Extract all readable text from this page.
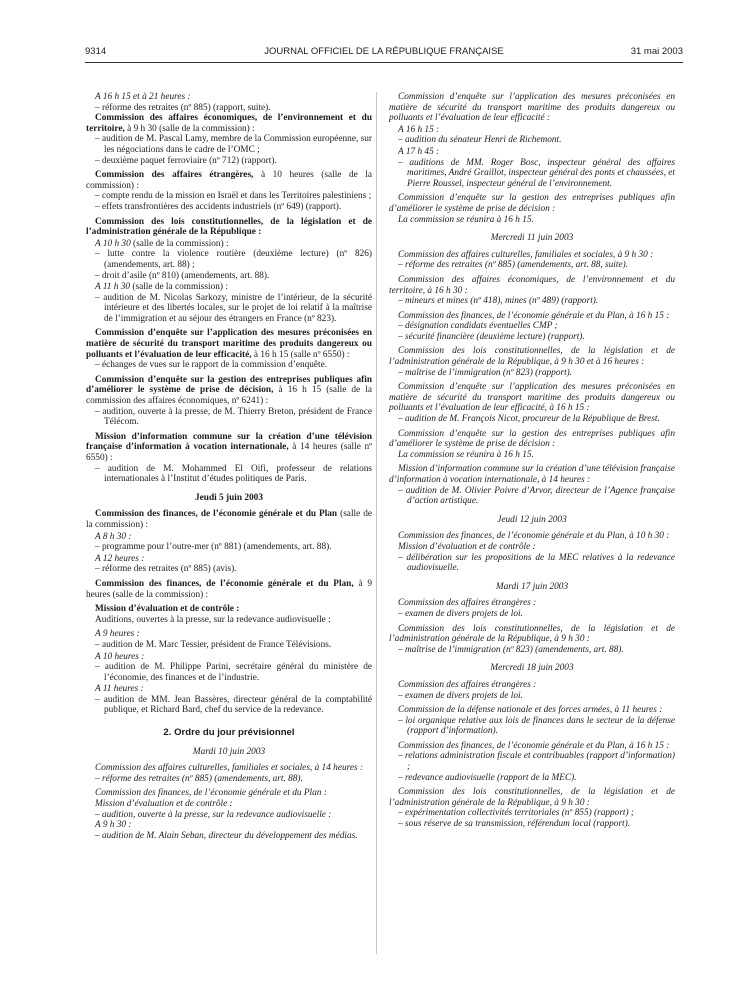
9314	JOURNAL OFFICIEL DE LA RÉPUBLIQUE FRANÇAISE	31 mai 2003
A 16 h 15 et à 21 heures :
– réforme des retraites (nº 885) (rapport, suite).
Commission des affaires économiques, de l’environnement et du territoire, à 9 h 30 (salle de la commission) :
– audition de M. Pascal Lamy, membre de la Commission européenne, sur les négociations dans le cadre de l’OMC ;
– deuxième paquet ferroviaire (nº 712) (rapport).
Commission des affaires étrangères, à 10 heures (salle de la commission) :
– compte rendu de la mission en Israël et dans les Territoires palestiniens ;
– effets transfrontières des accidents industriels (nº 649) (rapport).
Commission des lois constitutionnelles, de la législation et de l’administration générale de la République :
A 10 h 30 (salle de la commission) :
– lutte contre la violence routière (deuxième lecture) (nº 826) (amendements, art. 88) ;
– droit d’asile (nº 810) (amendements, art. 88).
A 11 h 30 (salle de la commission) :
– audition de M. Nicolas Sarkozy, ministre de l’intérieur, de la sécurité intérieure et des libertés locales, sur le projet de loi relatif à la maîtrise de l’immigration et au séjour des étrangers en France (nº 823).
Commission d’enquête sur l’application des mesures préconisées en matière de sécurité du transport maritime des produits dangereux ou polluants et l’évaluation de leur efficacité, à 16 h 15 (salle nº 6550) :
– échanges de vues sur le rapport de la commission d’enquête.
Commission d’enquête sur la gestion des entreprises publiques afin d’améliorer le système de prise de décision, à 16 h 15 (salle de la commission des affaires économiques, nº 6241) :
– audition, ouverte à la presse, de M. Thierry Breton, président de France Télécom.
Mission d’information commune sur la création d’une télévision française d’information à vocation internationale, à 14 heures (salle nº 6550) :
– audition de M. Mohammed El Oifi, professeur de relations internationales à l’Institut d’études politiques de Paris.
Jeudi 5 juin 2003
Commission des finances, de l’économie générale et du Plan (salle de la commission) :
A 8 h 30 :
– programme pour l’outre-mer (nº 881) (amendements, art. 88).
A 12 heures :
– réforme des retraites (nº 885) (avis).
Commission des finances, de l’économie générale et du Plan, à 9 heures (salle de la commission) :
Mission d’évaluation et de contrôle :
Auditions, ouvertes à la presse, sur la redevance audiovisuelle :
A 9 heures :
– audition de M. Marc Tessier, président de France Télévisions.
A 10 heures :
– audition de M. Philippe Parini, secrétaire général du ministère de l’économie, des finances et de l’industrie.
A 11 heures :
– audition de MM. Jean Bassères, directeur général de la comptabilité publique, et Richard Bard, chef du service de la redevance.
2. Ordre du jour prévisionnel
Mardi 10 juin 2003
Commission des affaires culturelles, familiales et sociales, à 14 heures :
– réforme des retraites (nº 885) (amendements, art. 88).
Commission des finances, de l’économie générale et du Plan :
Mission d’évaluation et de contrôle :
– audition, ouverte à la presse, sur la redevance audiovisuelle :
A 9 h 30 :
– audition de M. Alain Seban, directeur du développement des médias.
Commission d’enquête sur l’application des mesures préconisées en matière de sécurité du transport maritime des produits dangereux ou polluants et l’évaluation de leur efficacité :
A 16 h 15 :
– audition du sénateur Henri de Richemont.
A 17 h 45 :
– auditions de MM. Roger Bosc, inspecteur général des affaires maritimes, André Graillot, inspecteur général des ponts et chaussées, et Pierre Roussel, inspecteur général de l’environnement.
Commission d’enquête sur la gestion des entreprises publiques afin d’améliorer le système de prise de décision :
La commission se réunira à 16 h 15.
Mercredi 11 juin 2003
Commission des affaires culturelles, familiales et sociales, à 9 h 30 :
– réforme des retraites (nº 885) (amendements, art. 88, suite).
Commission des affaires économiques, de l’environnement et du territoire, à 16 h 30 :
– mineurs et mines (nº 418), mines (nº 489) (rapport).
Commission des finances, de l’économie générale et du Plan, à 16 h 15 :
– désignation candidats éventuelles CMP ;
– sécurité financière (deuxième lecture) (rapport).
Commission des lois constitutionnelles, de la législation et de l’administration générale de la République, à 9 h 30 et à 16 heures :
– maîtrise de l’immigration (nº 823) (rapport).
Commission d’enquête sur l’application des mesures préconisées en matière de sécurité du transport maritime des produits dangereux ou polluants et l’évaluation de leur efficacité, à 16 h 15 :
– audition de M. François Nicot, procureur de la République de Brest.
Commission d’enquête sur la gestion des entreprises publiques afin d’améliorer le système de prise de décision :
La commission se réunira à 16 h 15.
Mission d’information commune sur la création d’une télévision française d’information à vocation internationale, à 14 heures :
– audition de M. Olivier Poivre d’Arvor, directeur de l’Agence française d’action artistique.
Jeudi 12 juin 2003
Commission des finances, de l’économie générale et du Plan, à 10 h 30 :
Mission d’évaluation et de contrôle :
– délibération sur les propositions de la MEC relatives à la redevance audiovisuelle.
Mardi 17 juin 2003
Commission des affaires étrangères :
– examen de divers projets de loi.
Commission des lois constitutionnelles, de la législation et de l’administration générale de la République, à 9 h 30 :
– maîtrise de l’immigration (nº 823) (amendements, art. 88).
Mercredi 18 juin 2003
Commission des affaires étrangères :
– examen de divers projets de loi.
Commission de la défense nationale et des forces armées, à 11 heures :
– loi organique relative aux lois de finances dans le secteur de la défense (rapport d’information).
Commission des finances, de l’économie générale et du Plan, à 16 h 15 :
– relations administration fiscale et contribuables (rapport d’information) ;
– redevance audiovisuelle (rapport de la MEC).
Commission des lois constitutionnelles, de la législation et de l’administration générale de la République, à 9 h 30 :
– expérimentation collectivités territoriales (nº 855) (rapport) ;
– sous réserve de sa transmission, référendum local (rapport).
